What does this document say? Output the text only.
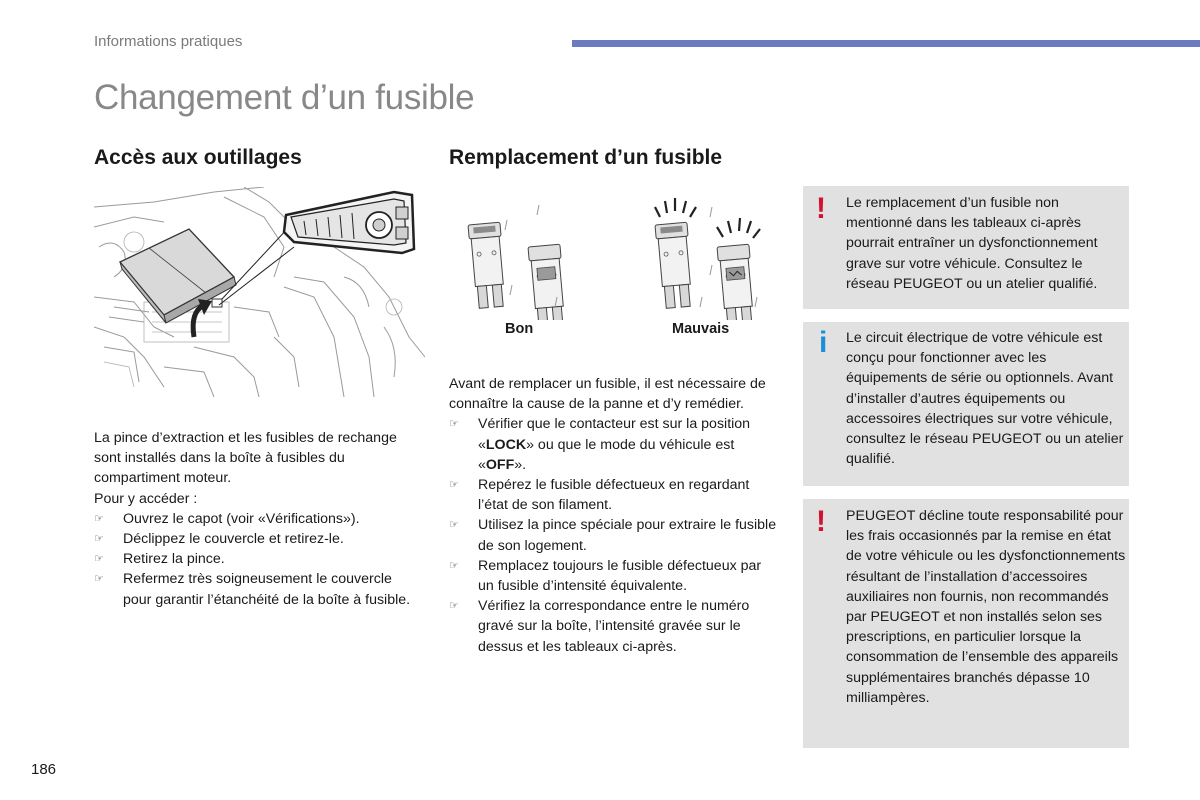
Informations pratiques
Changement d’un fusible
Accès aux outillages
La pince d’extraction et les fusibles de rechange sont installés dans la boîte à fusibles du compartiment moteur.
Pour y accéder :
☞ Ouvrez le capot (voir «Vérifications»).
☞ Déclippez le couvercle et retirez-le.
☞ Retirez la pince.
☞ Refermez très soigneusement le couvercle pour garantir l’étanchéité de la boîte à fusible.
Remplacement d’un fusible
Bon	Mauvais
Avant de remplacer un fusible, il est nécessaire de connaître la cause de la panne et d’y remédier.
☞ Vérifier que le contacteur est sur la position «LOCK» ou que le mode du véhicule est «OFF».
☞ Repérez le fusible défectueux en regardant l’état de son filament.
☞ Utilisez la pince spéciale pour extraire le fusible de son logement.
☞ Remplacez toujours le fusible défectueux par un fusible d’intensité équivalente.
☞ Vérifiez la correspondance entre le numéro gravé sur la boîte, l’intensité gravée sur le dessus et les tableaux ci-après.
! Le remplacement d’un fusible non mentionné dans les tableaux ci-après pourrait entraîner un dysfonctionnement grave sur votre véhicule. Consultez le réseau PEUGEOT ou un atelier qualifié.
i Le circuit électrique de votre véhicule est conçu pour fonctionner avec les équipements de série ou optionnels. Avant d’installer d’autres équipements ou accessoires électriques sur votre véhicule, consultez le réseau PEUGEOT ou un atelier qualifié.
! PEUGEOT décline toute responsabilité pour les frais occasionnés par la remise en état de votre véhicule ou les dysfonctionnements résultant de l’installation d’accessoires auxiliaires non fournis, non recommandés par PEUGEOT et non installés selon ses prescriptions, en particulier lorsque la consommation de l’ensemble des appareils supplémentaires branchés dépasse 10 milliampères.
186
